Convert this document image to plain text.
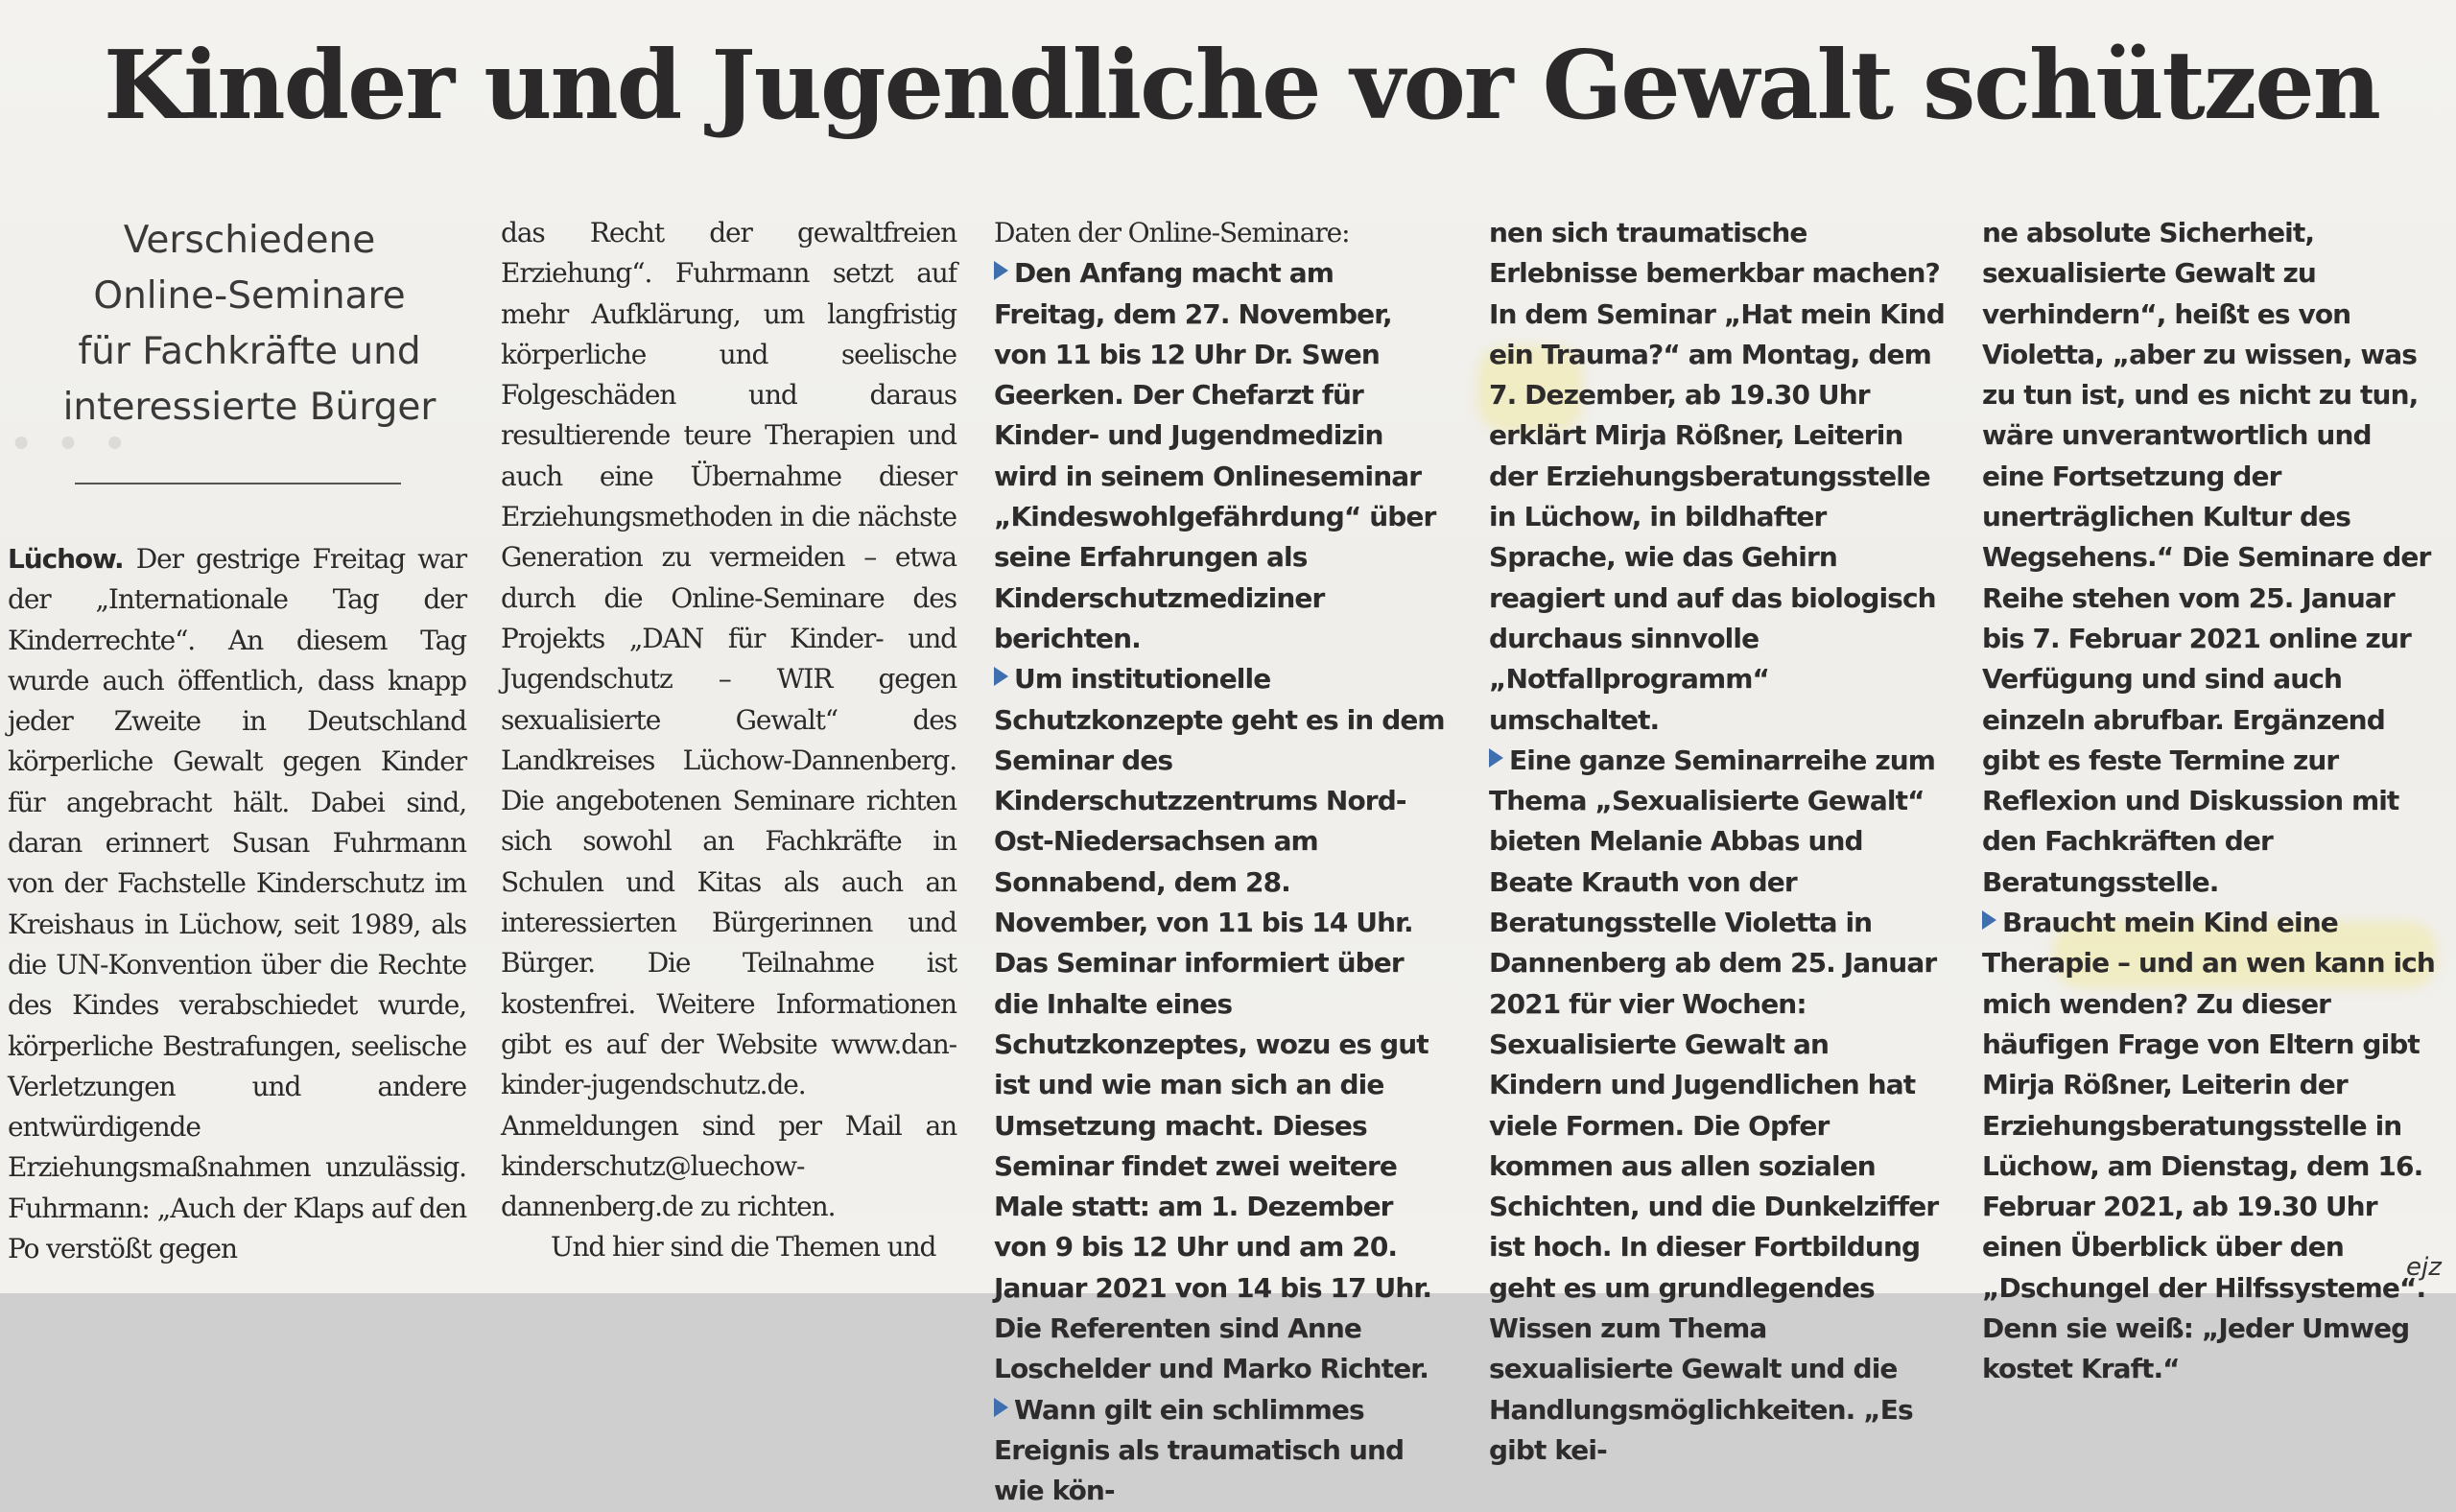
· · ·
Kinder und Jugendliche vor Gewalt schützen
Verschiedene
Online-Seminare
für Fachkräfte und
interessierte Bürger

Lüchow. Der gestrige Freitag war der „Internationale Tag der Kinderrechte“. An diesem Tag wurde auch öffentlich, dass knapp jeder Zweite in Deutschland körperliche Gewalt gegen Kinder für angebracht hält. Dabei sind, daran erinnert Susan Fuhrmann von der Fachstelle Kinderschutz im Kreishaus in Lüchow, seit 1989, als die UN-Konvention über die Rechte des Kindes verabschiedet wurde, körperliche Bestrafungen, seelische Verletzungen und andere entwürdigende Erziehungsmaßnahmen unzulässig. Fuhrmann: „Auch der Klaps auf den Po verstößt gegen

das Recht der gewaltfreien Erziehung“. Fuhrmann setzt auf mehr Aufklärung, um langfristig körperliche und seelische Folgeschäden und daraus resultierende teure Therapien und auch eine Übernahme dieser Erziehungsmethoden in die nächste Generation zu vermeiden – etwa durch die Online-Seminare des Projekts „DAN für Kinder- und Jugendschutz – WIR gegen sexualisierte Gewalt“ des Landkreises Lüchow-Dannenberg. Die angebotenen Seminare richten sich sowohl an Fachkräfte in Schulen und Kitas als auch an interessierten Bürgerinnen und Bürger. Die Teilnahme ist kostenfrei. Weitere Informationen gibt es auf der Website www.dan-kinder-jugendschutz.de. Anmeldungen sind per Mail an kinderschutz@luechow-dannenberg.de zu richten.

Und hier sind die Themen und

Daten der Online-Seminare:

Den Anfang macht am Freitag, dem 27. November, von 11 bis 12 Uhr Dr. Swen Geerken. Der Chefarzt für Kinder- und Jugendmedizin wird in seinem Onlineseminar „Kindeswohlgefährdung“ über seine Erfahrungen als Kinderschutzmediziner berichten.

Um institutionelle Schutzkonzepte geht es in dem Seminar des Kinderschutzzentrums Nord-Ost-Niedersachsen am Sonnabend, dem 28. November, von 11 bis 14 Uhr. Das Seminar informiert über die Inhalte eines Schutzkonzeptes, wozu es gut ist und wie man sich an die Umsetzung macht. Dieses Seminar findet zwei weitere Male statt: am 1. Dezember von 9 bis 12 Uhr und am 20. Januar 2021 von 14 bis 17 Uhr. Die Referenten sind Anne Loschelder und Marko Richter.

Wann gilt ein schlimmes Ereignis als traumatisch und wie kön-

nen sich traumatische Erlebnisse bemerkbar machen? In dem Seminar „Hat mein Kind ein Trauma?“ am Montag, dem 7. Dezember, ab 19.30 Uhr erklärt Mirja Rößner, Leiterin der Erziehungsberatungsstelle in Lüchow, in bildhafter Sprache, wie das Gehirn reagiert und auf das biologisch durchaus sinnvolle „Notfallprogramm“ umschaltet.

Eine ganze Seminarreihe zum Thema „Sexualisierte Gewalt“ bieten Melanie Abbas und Beate Krauth von der Beratungsstelle Violetta in Dannenberg ab dem 25. Januar 2021 für vier Wochen: Sexualisierte Gewalt an Kindern und Jugendlichen hat viele Formen. Die Opfer kommen aus allen sozialen Schichten, und die Dunkelziffer ist hoch. In dieser Fortbildung geht es um grundlegendes Wissen zum Thema sexualisierte Gewalt und die Handlungsmöglichkeiten. „Es gibt kei-

ne absolute Sicherheit, sexualisierte Gewalt zu verhindern“, heißt es von Violetta, „aber zu wissen, was zu tun ist, und es nicht zu tun, wäre unverantwortlich und eine Fortsetzung der unerträglichen Kultur des Wegsehens.“ Die Seminare der Reihe stehen vom 25. Januar bis 7. Februar 2021 online zur Verfügung und sind auch einzeln abrufbar. Ergänzend gibt es feste Termine zur Reflexion und Diskussion mit den Fachkräften der Beratungsstelle.

Braucht mein Kind eine Therapie – und an wen kann ich mich wenden? Zu dieser häufigen Frage von Eltern gibt Mirja Rößner, Leiterin der Erziehungsberatungsstelle in Lüchow, am Dienstag, dem 16. Februar 2021, ab 19.30 Uhr einen Überblick über den „Dschungel der Hilfssysteme“. Denn sie weiß: „Jeder Umweg kostet Kraft.“

ejz
